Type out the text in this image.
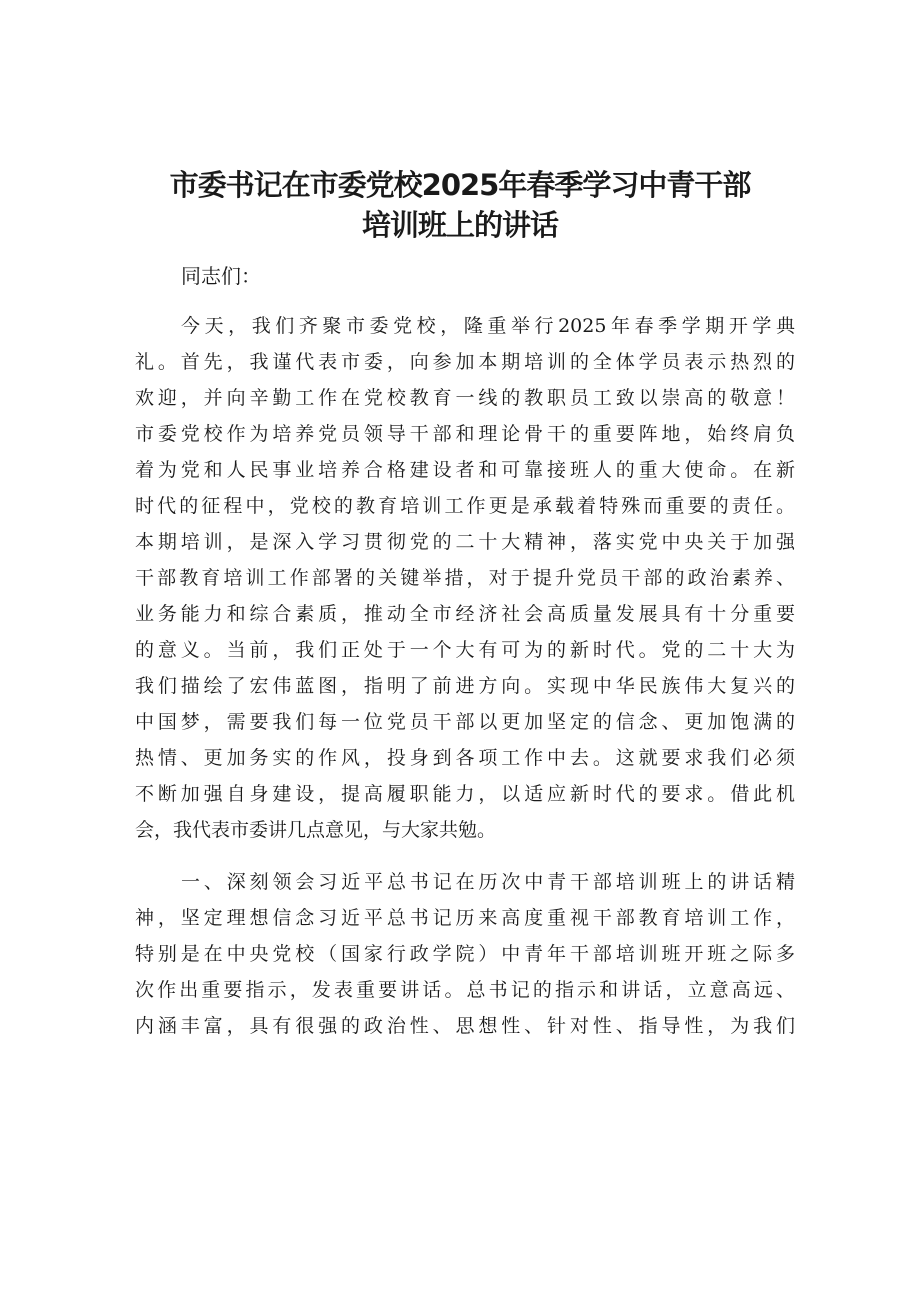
市委书记在市委党校2025年春季学习中青干部
培训班上的讲话
同志们：
今天，我们齐聚市委党校，隆重举行2025年春季学期开学典
礼。首先，我谨代表市委，向参加本期培训的全体学员表示热烈的
欢迎，并向辛勤工作在党校教育一线的教职员工致以崇高的敬意！
市委党校作为培养党员领导干部和理论骨干的重要阵地，始终肩负
着为党和人民事业培养合格建设者和可靠接班人的重大使命。在新
时代的征程中，党校的教育培训工作更是承载着特殊而重要的责任。
本期培训，是深入学习贯彻党的二十大精神，落实党中央关于加强
干部教育培训工作部署的关键举措，对于提升党员干部的政治素养、
业务能力和综合素质，推动全市经济社会高质量发展具有十分重要
的意义。当前，我们正处于一个大有可为的新时代。党的二十大为
我们描绘了宏伟蓝图，指明了前进方向。实现中华民族伟大复兴的
中国梦，需要我们每一位党员干部以更加坚定的信念、更加饱满的
热情、更加务实的作风，投身到各项工作中去。这就要求我们必须
不断加强自身建设，提高履职能力，以适应新时代的要求。借此机
会，我代表市委讲几点意见，与大家共勉。
一、深刻领会习近平总书记在历次中青干部培训班上的讲话精
神，坚定理想信念习近平总书记历来高度重视干部教育培训工作，
特别是在中央党校（国家行政学院）中青年干部培训班开班之际多
次作出重要指示，发表重要讲话。总书记的指示和讲话，立意高远、
内涵丰富，具有很强的政治性、思想性、针对性、指导性，为我们
